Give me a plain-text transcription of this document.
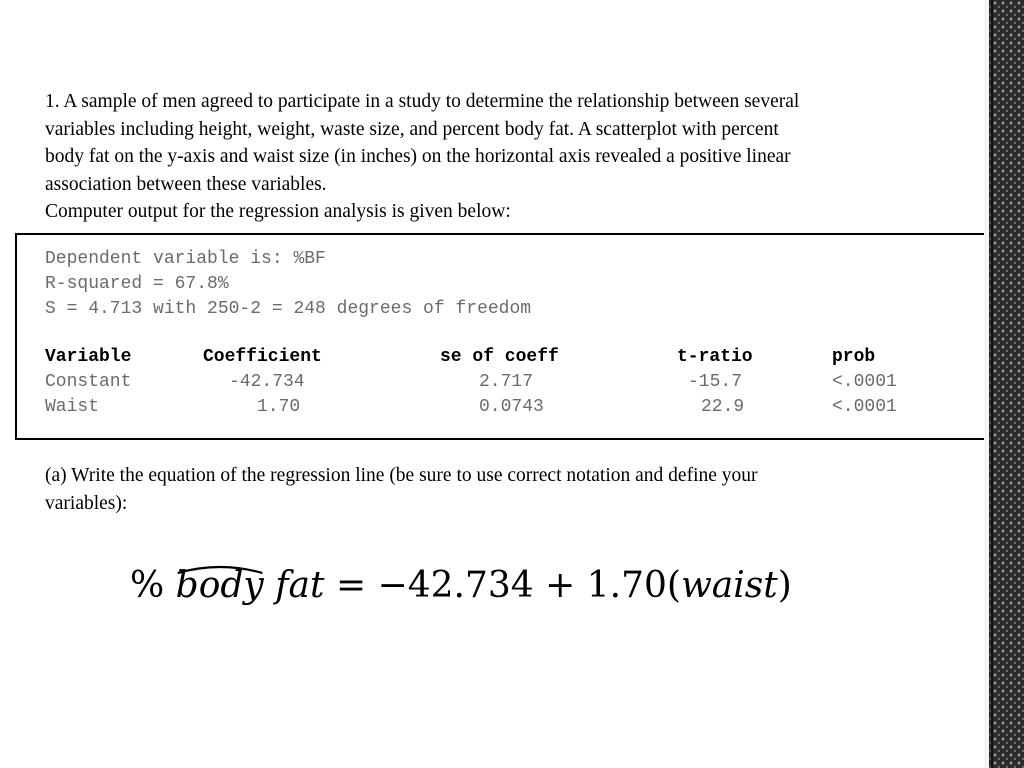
1. A sample of men agreed to participate in a study to determine the relationship between several

variables including height, weight, waste size, and percent body fat. A scatterplot with percent

body fat on the y-axis and waist size (in inches) on the horizontal axis revealed a positive linear

association between these variables.

Computer output for the regression analysis is given below:

Dependent variable is: %BF
R-squared = 67.8%
S = 4.713 with 250-2 = 248 degrees of freedom
Variable	Coefficient	se of coeff	t-ratio	prob
Constant	-42.734	2.717	-15.7	<.0001
Waist	1.70	0.0743	22.9	<.0001

(a) Write the equation of the regression line (be sure to use correct notation and define your

variables):

% body fat = −42.734 + 1.70(waist)
